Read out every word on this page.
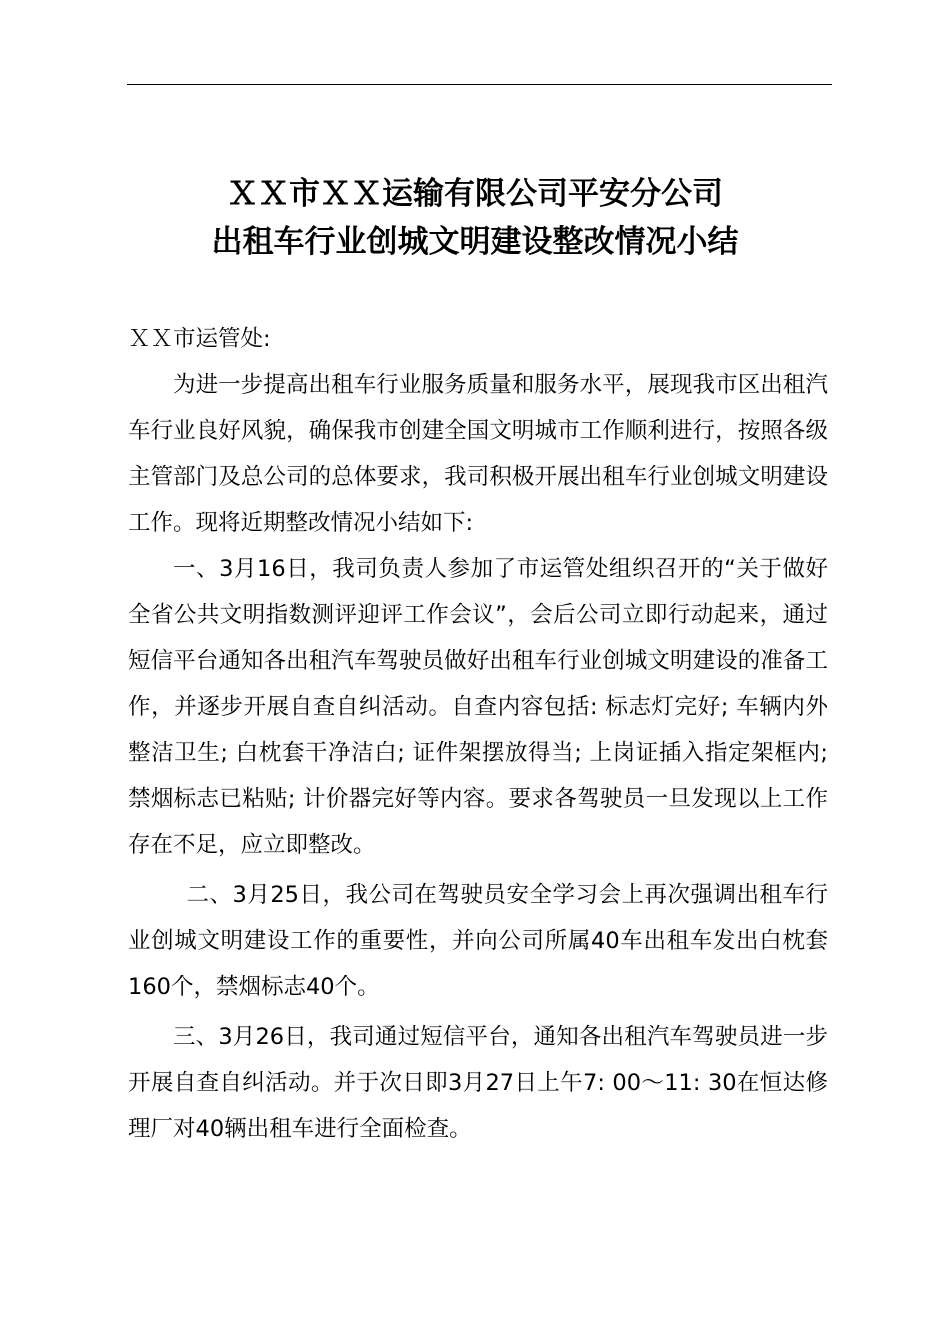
ＸＸ市ＸＸ运输有限公司平安分公司
出租车行业创城文明建设整改情况小结

ＸＸ市运管处:

为进一步提高出租车行业服务质量和服务水平，展现我市区出租汽车行业良好风貌，确保我市创建全国文明城市工作顺利进行，按照各级主管部门及总公司的总体要求，我司积极开展出租车行业创城文明建设工作。现将近期整改情况小结如下:

一、3月16日，我司负责人参加了市运管处组织召开的“关于做好全省公共文明指数测评迎评工作会议”，会后公司立即行动起来，通过短信平台通知各出租汽车驾驶员做好出租车行业创城文明建设的准备工作，并逐步开展自查自纠活动。自查内容包括: 标志灯完好; 车辆内外整洁卫生; 白枕套干净洁白; 证件架摆放得当; 上岗证插入指定架框内; 禁烟标志已粘贴; 计价器完好等内容。要求各驾驶员一旦发现以上工作存在不足，应立即整改。

二、3月25日，我公司在驾驶员安全学习会上再次强调出租车行业创城文明建设工作的重要性，并向公司所属40车出租车发出白枕套160个，禁烟标志40个。

三、3月26日，我司通过短信平台，通知各出租汽车驾驶员进一步开展自查自纠活动。并于次日即3月27日上午7: 00～11: 30在恒达修理厂对40辆出租车进行全面检查。
